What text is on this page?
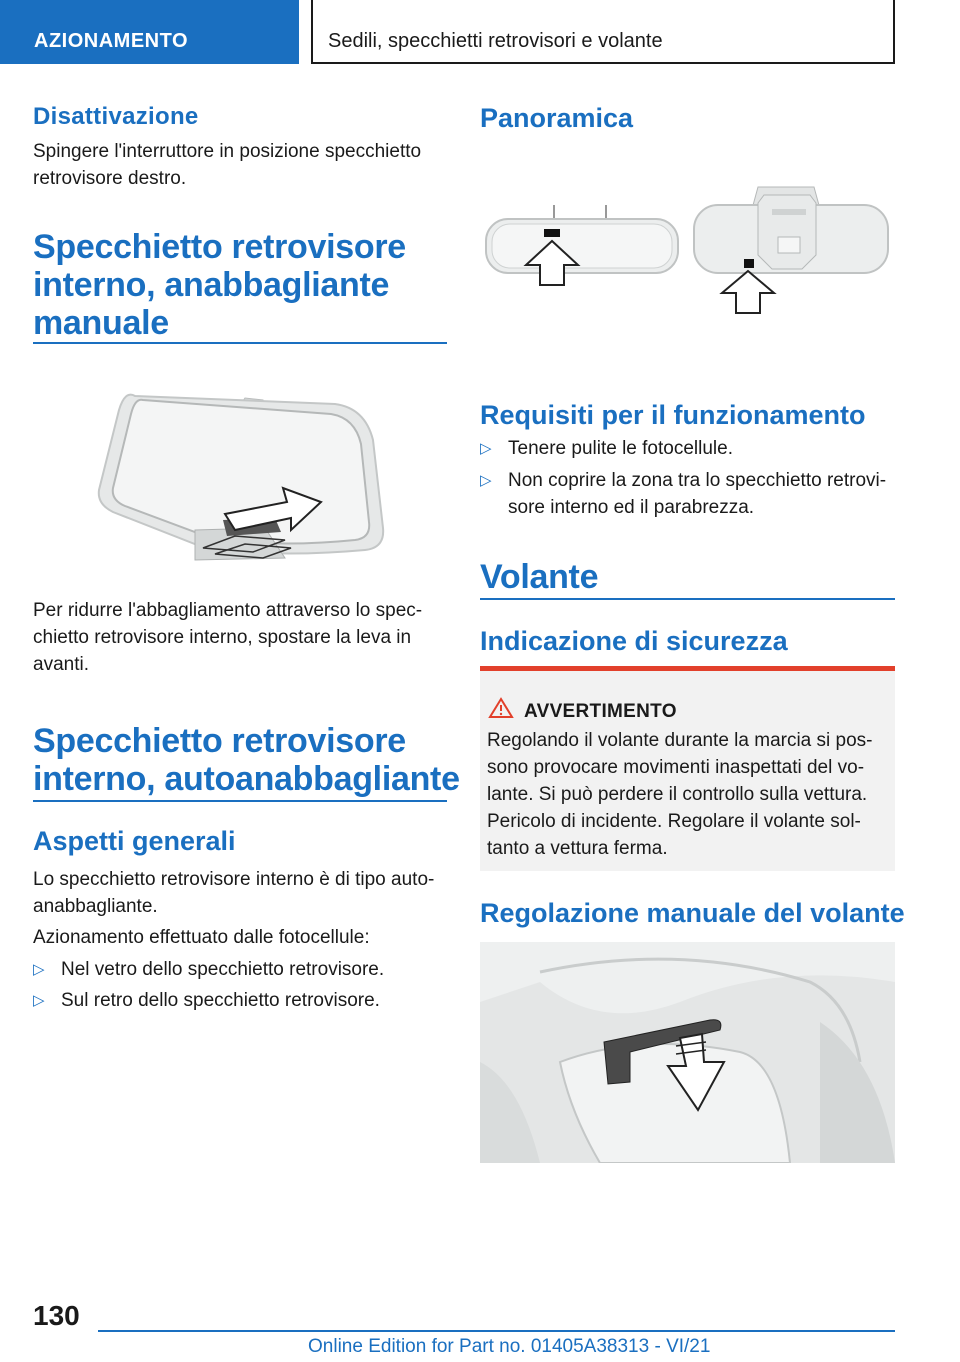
AZIONAMENTO	Sedili, specchietti retrovisori e volante
Disattivazione
Spingere l'interruttore in posizione specchietto
retrovisore destro.
Specchietto retrovisore
interno, anabbagliante
manuale
Per ridurre l'abbagliamento attraverso lo spec-
chietto retrovisore interno, spostare la leva in
avanti.
Specchietto retrovisore
interno, autoanabbagliante
Aspetti generali
Lo specchietto retrovisore interno è di tipo auto-
anabbagliante.
Azionamento effettuato dalle fotocellule:
▷ Nel vetro dello specchietto retrovisore.
▷ Sul retro dello specchietto retrovisore.
Panoramica
Requisiti per il funzionamento
▷ Tenere pulite le fotocellule.
▷ Non coprire la zona tra lo specchietto retrovi-
sore interno ed il parabrezza.
Volante
Indicazione di sicurezza
AVVERTIMENTO
Regolando il volante durante la marcia si pos-
sono provocare movimenti inaspettati del vo-
lante. Si può perdere il controllo sulla vettura.
Pericolo di incidente. Regolare il volante sol-
tanto a vettura ferma.
Regolazione manuale del volante
130
Online Edition for Part no. 01405A38313 - VI/21
